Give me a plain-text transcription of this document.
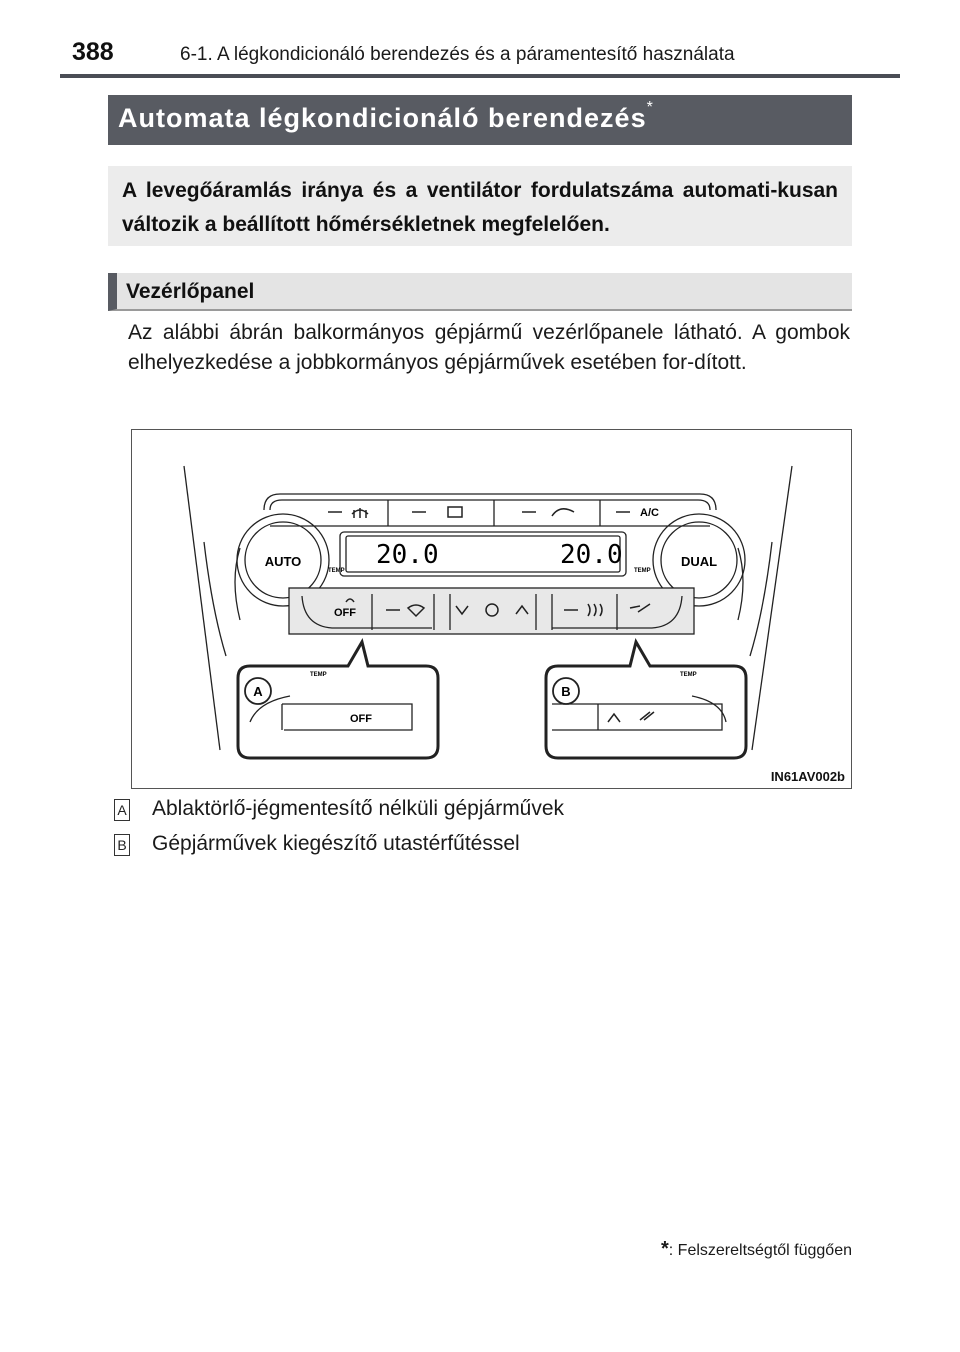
388	6-1. A légkondicionáló berendezés és a páramentesítő használata
Automata légkondicionáló berendezés*
A levegőáramlás iránya és a ventilátor fordulatszáma automati-kusan változik a beállított hőmérsékletnek megfelelően.
Vezérlőpanel
Az alábbi ábrán balkormányos gépjármű vezérlőpanele látható. A gombok elhelyezkedése a jobbkormányos gépjárművek esetében for-dított.
AUTO	DUAL
TEMP	TEMP
A/C
20.0	20.0
OFF
OFF
TEMP	TEMP
A	B
IN61AV002b
A Ablaktörlő-jégmentesítő nélküli gépjárművek
B Gépjárművek kiegészítő utastérfűtéssel
*: Felszereltségtől függően
